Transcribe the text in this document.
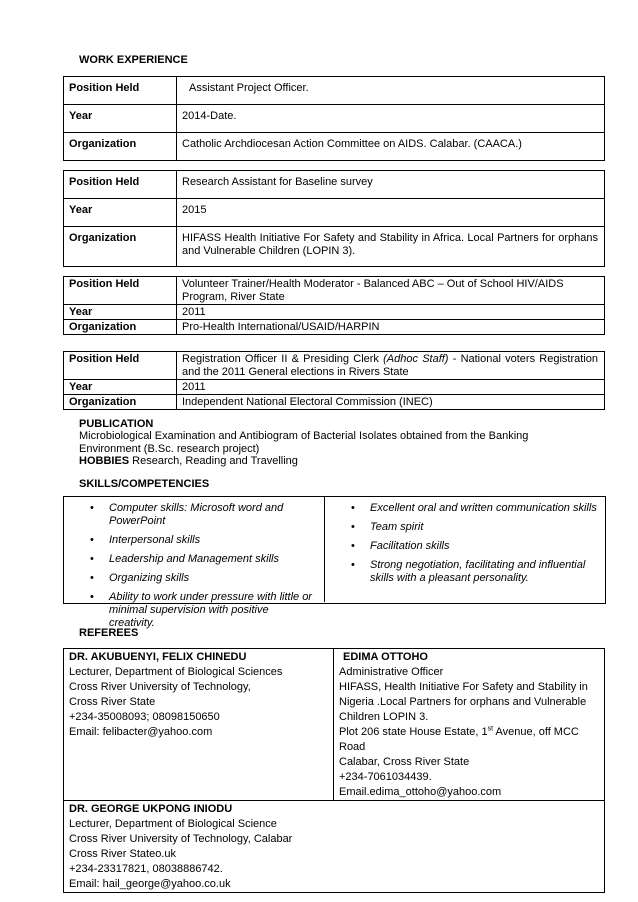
WORK EXPERIENCE
Position Held	Assistant Project Officer.
Year	2014-Date.
Organization	Catholic Archdiocesan Action Committee on AIDS. Calabar. (CAACA.)
Position Held	Research Assistant for Baseline survey
Year	2015
Organization	HIFASS Health Initiative For Safety and Stability in Africa. Local Partners for orphans and Vulnerable Children (LOPIN 3).
Position Held	Volunteer Trainer/Health Moderator - Balanced ABC – Out of School HIV/AIDS Program, River State
Year	2011
Organization	Pro-Health International/USAID/HARPIN
Position Held	Registration Officer II & Presiding Clerk (Adhoc Staff) - National voters Registration and the 2011 General elections in Rivers State
Year	2011
Organization	Independent National Electoral Commission (INEC)
PUBLICATION
Microbiological Examination and Antibiogram of Bacterial Isolates obtained from the Banking Environment (B.Sc. research project)
HOBBIES Research, Reading and Travelling
SKILLS/COMPETENCIES
• Computer skills: Microsoft word and PowerPoint
• Interpersonal skills
• Leadership and Management skills
• Organizing skills
• Ability to work under pressure with little or minimal supervision with positive creativity.
• Excellent oral and written communication skills
• Team spirit
• Facilitation skills
• Strong negotiation, facilitating and influential skills with a pleasant personality.
REFEREES
DR. AKUBUENYI, FELIX CHINEDU
Lecturer, Department of Biological Sciences
Cross River University of Technology,
Cross River State
+234-35008093; 08098150650
Email: felibacter@yahoo.com

EDIMA OTTOHO
Administrative Officer
HIFASS, Health Initiative For Safety and Stability in
Nigeria .Local Partners for orphans and Vulnerable
Children LOPIN 3.
Plot 206 state House Estate, 1st Avenue, off MCC Road
Calabar, Cross River State
+234-7061034439.
Email.edima_ottoho@yahoo.com

DR. GEORGE UKPONG INIODU
Lecturer, Department of Biological Science
Cross River University of Technology, Calabar
Cross River Stateo.uk
+234-23317821, 08038886742.
Email: hail_george@yahoo.co.uk
